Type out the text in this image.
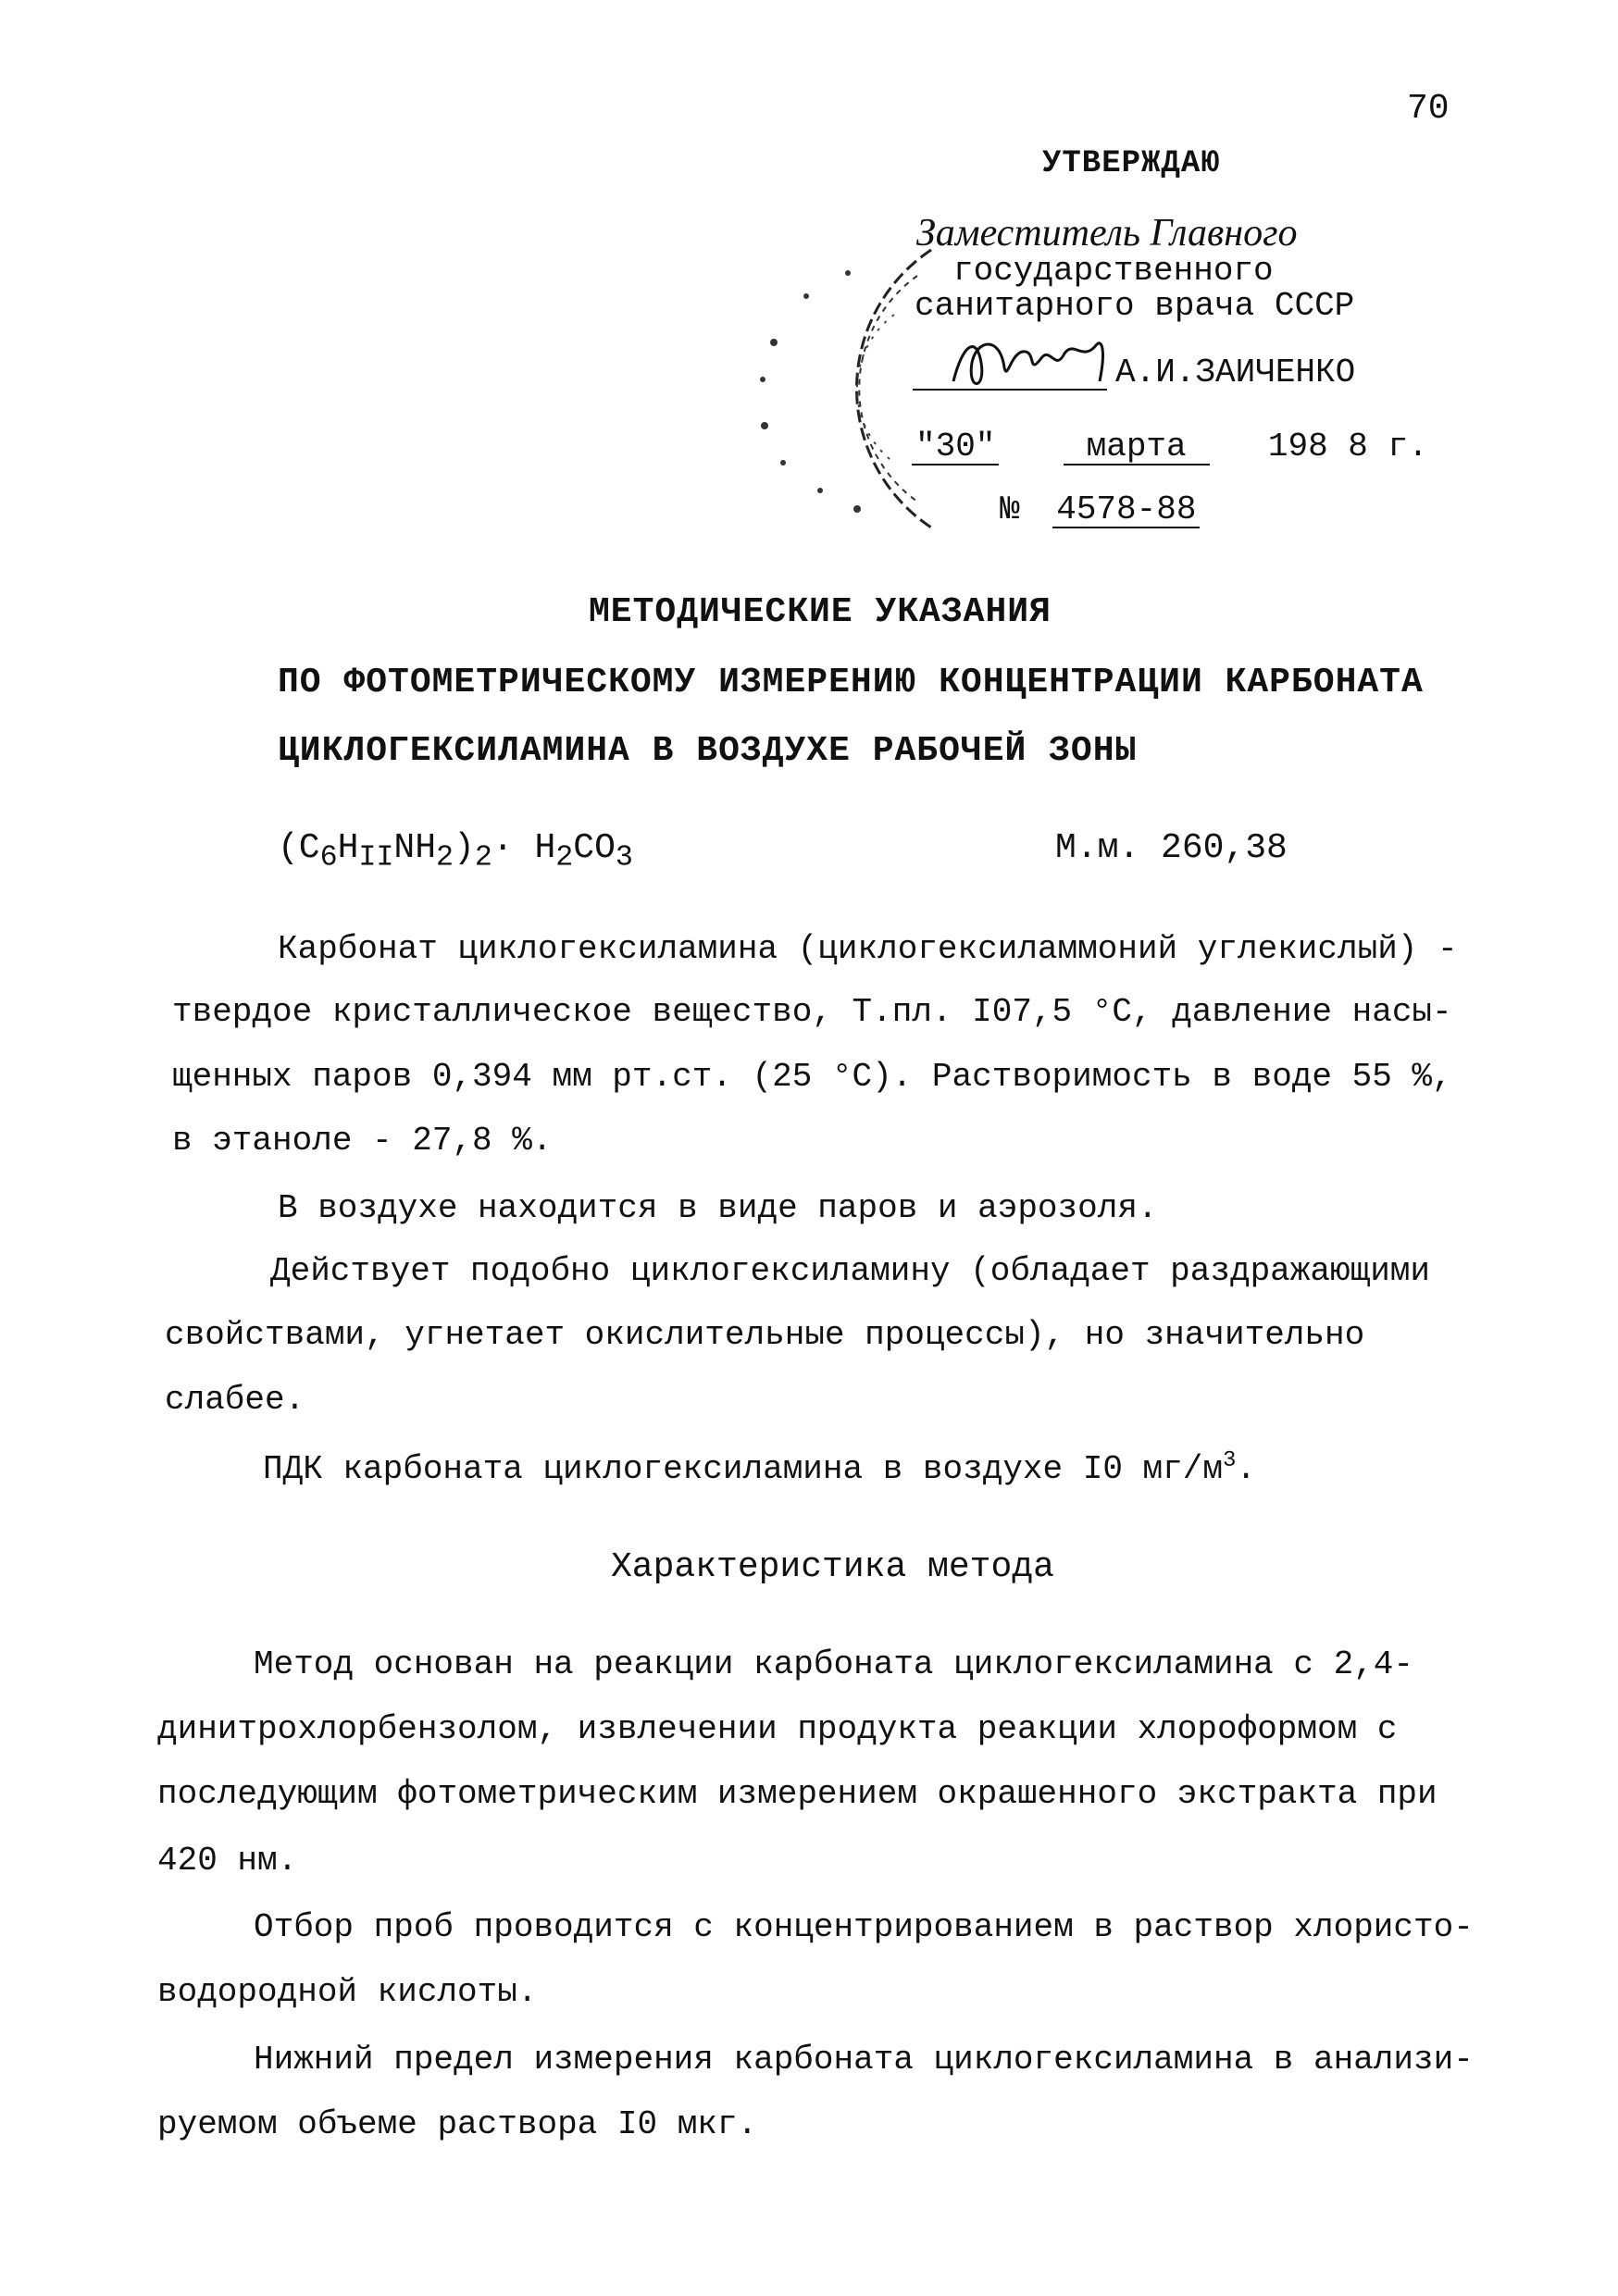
70
УТВЕРЖДАЮ
Заместитель Главного
государственного
санитарного врача СССР
А.И.ЗАИЧЕНКО
"30"	марта 198 8 г.
№ 4578-88
МЕТОДИЧЕСКИЕ УКАЗАНИЯ
ПО ФОТОМЕТРИЧЕСКОМУ ИЗМЕРЕНИЮ КОНЦЕНТРАЦИИ КАРБОНАТА
ЦИКЛОГЕКСИЛАМИНА В ВОЗДУХЕ РАБОЧЕЙ ЗОНЫ
$(C_6H_{II}NH_2)_2\cdot H_2CO_3$	М.м. 260,38
Карбонат циклогексиламина (циклогексиламмоний углекислый) -
твердое кристаллическое вещество, Т.пл. I07,5 °С, давление насы-
щенных паров 0,394 мм рт.ст. (25 °С). Растворимость в воде 55 %,
в этаноле - 27,8 %.
В воздухе находится в виде паров и аэрозоля.
Действует подобно циклогексиламину (обладает раздражающими
свойствами, угнетает окислительные процессы), но значительно
слабее.
ПДК карбоната циклогексиламина в воздухе I0 $мг/м^3$.
Характеристика метода
Метод основан на реакции карбоната циклогексиламина с 2,4-
динитрохлорбензолом, извлечении продукта реакции хлороформом с
последующим фотометрическим измерением окрашенного экстракта при
420 нм.
Отбор проб проводится с концентрированием в раствор хлористо-
водородной кислоты.
Нижний предел измерения карбоната циклогексиламина в анализи-
руемом объеме раствора I0 мкг.
